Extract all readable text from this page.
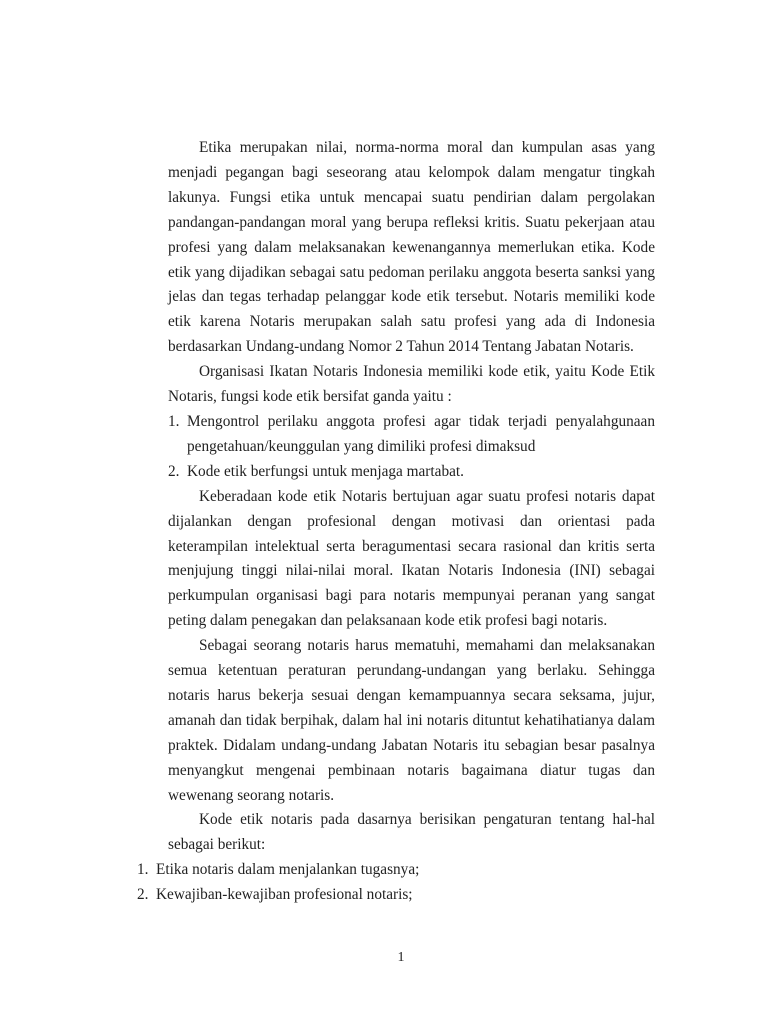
Etika merupakan nilai, norma-norma moral dan kumpulan asas yang menjadi pegangan bagi seseorang atau kelompok dalam mengatur tingkah lakunya. Fungsi etika untuk mencapai suatu pendirian dalam pergolakan pandangan-pandangan moral yang berupa refleksi kritis. Suatu pekerjaan atau profesi yang dalam melaksanakan kewenangannya memerlukan etika. Kode etik yang dijadikan sebagai satu pedoman perilaku anggota beserta sanksi yang jelas dan tegas terhadap pelanggar kode etik tersebut. Notaris memiliki kode etik karena Notaris merupakan salah satu profesi yang ada di Indonesia berdasarkan Undang-undang Nomor 2 Tahun 2014 Tentang Jabatan Notaris.

Organisasi Ikatan Notaris Indonesia memiliki kode etik, yaitu Kode Etik Notaris, fungsi kode etik bersifat ganda yaitu :

1. Mengontrol perilaku anggota profesi agar tidak terjadi penyalahgunaan pengetahuan/keunggulan yang dimiliki profesi dimaksud
2. Kode etik berfungsi untuk menjaga martabat.

Keberadaan kode etik Notaris bertujuan agar suatu profesi notaris dapat dijalankan dengan profesional dengan motivasi dan orientasi pada keterampilan intelektual serta beragumentasi secara rasional dan kritis serta menjujung tinggi nilai-nilai moral. Ikatan Notaris Indonesia (INI) sebagai perkumpulan organisasi bagi para notaris mempunyai peranan yang sangat peting dalam penegakan dan pelaksanaan kode etik profesi bagi notaris.

Sebagai seorang notaris harus mematuhi, memahami dan melaksanakan semua ketentuan peraturan perundang-undangan yang berlaku. Sehingga notaris harus bekerja sesuai dengan kemampuannya secara seksama, jujur, amanah dan tidak berpihak, dalam hal ini notaris dituntut kehatihatianya dalam praktek. Didalam undang-undang Jabatan Notaris itu sebagian besar pasalnya menyangkut mengenai pembinaan notaris bagaimana diatur tugas dan wewenang seorang notaris.

Kode etik notaris pada dasarnya berisikan pengaturan tentang hal-hal sebagai berikut:

1. Etika notaris dalam menjalankan tugasnya;
2. Kewajiban-kewajiban profesional notaris;
1
